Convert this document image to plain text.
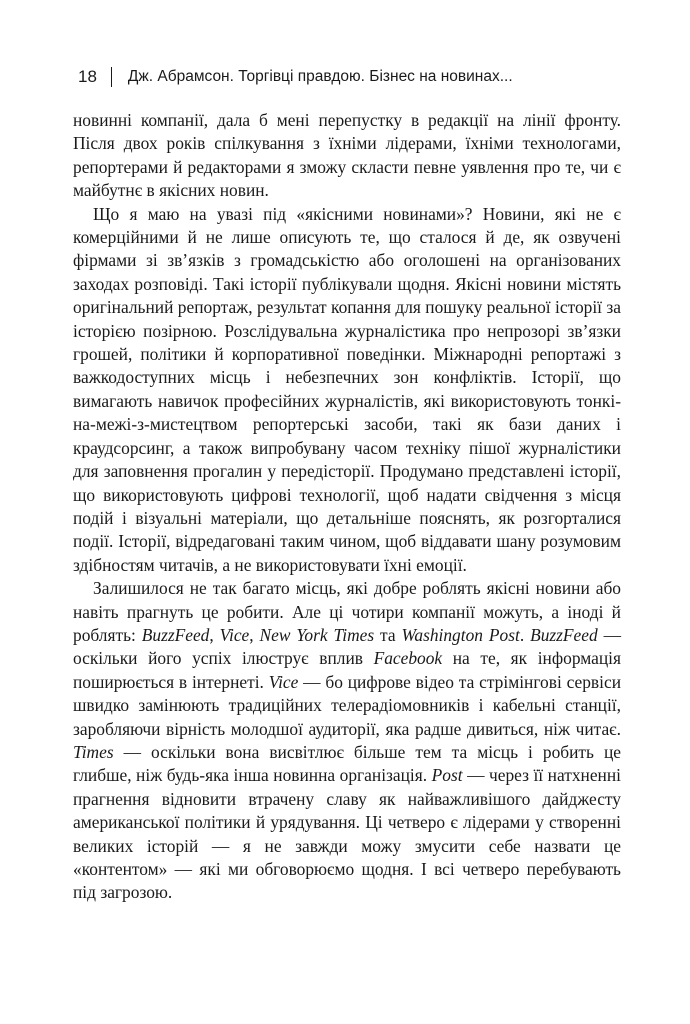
18 Дж. Абрамсон. Торгівці правдою. Бізнес на новинах...

новинні компанії, дала б мені перепустку в редакції на лінії фронту. Після двох років спілкування з їхніми лідерами, їхніми технологами, репортерами й редакторами я зможу скласти певне уявлення про те, чи є майбутнє в якісних новин.

Що я маю на увазі під «якісними новинами»? Новини, які не є комерційними й не лише описують те, що сталося й де, як озвучені фірмами зі зв’язків з громадськістю або оголошені на організованих заходах розповіді. Такі історії публікували щодня. Якісні новини містять оригінальний репортаж, результат копання для пошуку реальної історії за історією позірною. Розслідувальна журналістика про непрозорі зв’язки грошей, політики й корпоративної поведінки. Міжнародні репортажі з важкодоступних місць і небезпечних зон конфліктів. Історії, що вимагають навичок професійних журналістів, які використовують тонкі-на-межі-з-мистецтвом репортерські засоби, такі як бази даних і краудсорсинг, а також випробувану часом техніку пішої журналістики для заповнення прогалин у передісторії. Продумано представлені історії, що використовують цифрові технології, щоб надати свідчення з місця подій і візуальні матеріали, що детальніше пояснять, як розгорталися події. Історії, відредаговані таким чином, щоб віддавати шану розумовим здібностям читачів, а не використовувати їхні емоції.

Залишилося не так багато місць, які добре роблять якісні новини або навіть прагнуть це робити. Але ці чотири компанії можуть, а іноді й роблять: BuzzFeed, Vice, New York Times та Washington Post. BuzzFeed — оскільки його успіх ілюструє вплив Facebook на те, як інформація поширюється в інтернеті. Vice — бо цифрове відео та стрімінгові сервіси швидко замінюють традиційних телерадіомовників і кабельні станції, заробляючи вірність молодшої аудиторії, яка радше дивиться, ніж читає. Times — оскільки вона висвітлює більше тем та місць і робить це глибше, ніж будь-яка інша новинна організація. Post — через її натхненні прагнення відновити втрачену славу як найважливішого дайджесту американської політики й урядування. Ці четверо є лідерами у створенні великих історій — я не завжди можу змусити себе назвати це «контентом» — які ми обговорюємо щодня. І всі четверо перебувають під загрозою.
